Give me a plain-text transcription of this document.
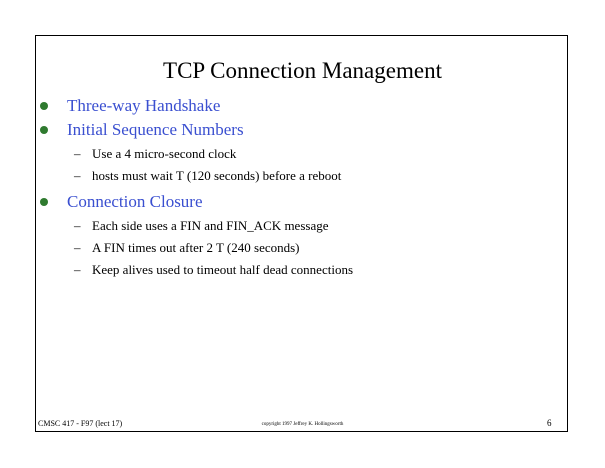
TCP Connection Management
Three-way Handshake
Initial Sequence Numbers
– Use a 4 micro-second clock
– hosts must wait T (120 seconds) before a reboot
Connection Closure
– Each side uses a FIN and FIN_ACK message
– A FIN times out after 2 T (240 seconds)
– Keep alives used to timeout half dead connections
CMSC 417 - F97 (lect 17)	copyright 1997 Jeffrey K. Hollingsworth	6
